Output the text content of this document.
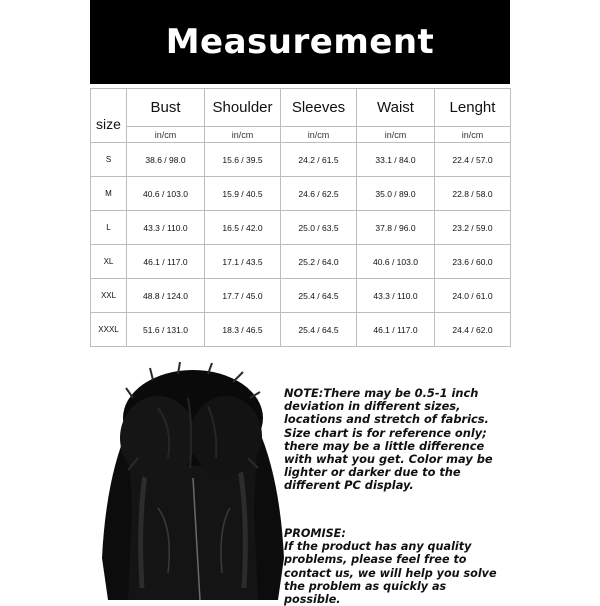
Measurement
size	Bust	Shoulder	Sleeves	Waist	Lenght
	in/cm	in/cm	in/cm	in/cm	in/cm
S	38.6 / 98.0	15.6 / 39.5	24.2 / 61.5	33.1 / 84.0	22.4 / 57.0
M	40.6 / 103.0	15.9 / 40.5	24.6 / 62.5	35.0 / 89.0	22.8 / 58.0
L	43.3 / 110.0	16.5 / 42.0	25.0 / 63.5	37.8 / 96.0	23.2 / 59.0
XL	46.1 / 117.0	17.1 / 43.5	25.2 / 64.0	40.6 / 103.0	23.6 / 60.0
XXL	48.8 / 124.0	17.7 / 45.0	25.4 / 64.5	43.3 / 110.0	24.0 / 61.0
XXXL	51.6 / 131.0	18.3 / 46.5	25.4 / 64.5	46.1 / 117.0	24.4 / 62.0
NOTE:There may be 0.5-1 inch deviation in different sizes, locations and stretch of fabrics. Size chart is for reference only; there may be a little difference with what you get. Color may be lighter or darker due to the different PC display.
PROMISE:
If the product has any quality problems, please feel free to contact us, we will help you solve the problem as quickly as possible.
